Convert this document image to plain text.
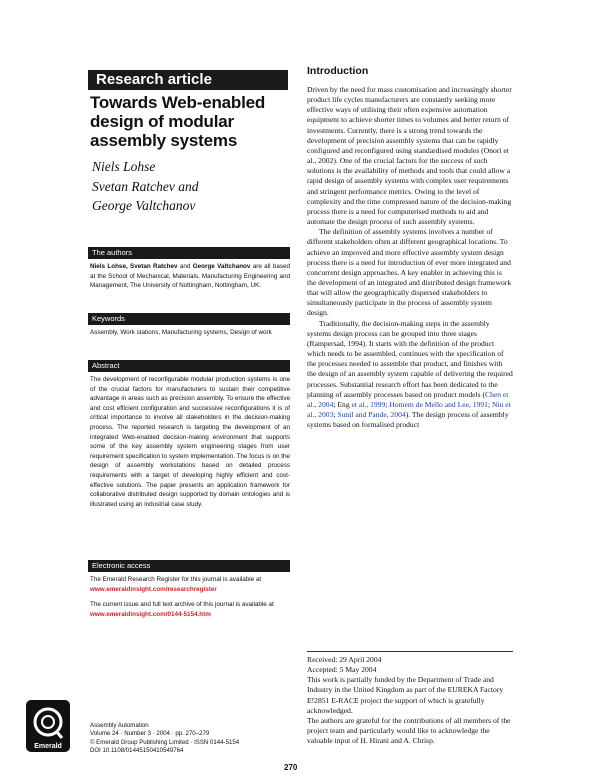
Research article
Towards Web-enabled design of modular assembly systems
Niels Lohse
Svetan Ratchev and
George Valtchanov
The authors

Niels Lohse, Svetan Ratchev and George Valtchanov are all based at the School of Mechanical, Materials, Manufacturing Engineering and Management, The University of Nottingham, Nottingham, UK.

Keywords

Assembly, Work stations, Manufacturing systems, Design of work

Abstract

The development of reconfigurable modular production systems is one of the crucial factors for manufacturers to sustain their competitive advantage in areas such as precision assembly. To ensure the effective and cost efficient configuration and successive reconfigurations it is of critical importance to involve all stakeholders in the decision-making process. The reported research is targeting the development of an integrated Web-enabled decision-making environment that supports some of the key assembly system engineering stages from user requirement specification to system implementation. The focus is on the design of assembly workstations based on detailed process requirements with a target of developing highly efficient and cost-effective solutions. The paper presents an application framework for collaborative distributed design supported by domain ontologies and is illustrated using an industrial case study.

Electronic access

The Emerald Research Register for this journal is available at

www.emeraldinsight.com/researchregister

The current issue and full text archive of this journal is available at

www.emeraldinsight.com/0144-5154.htm

Emerald
Assembly Automation
Volume 24 · Number 3 · 2004 · pp. 270–279
© Emerald Group Publishing Limited · ISSN 0144-5154
DOI 10.1108/01445150410549764
Introduction

Driven by the need for mass customisation and increasingly shorter product life cycles manufacturers are constantly seeking more effective ways of utilising their often expensive automation equipment to achieve shorter times to volumes and better return of investments. Currently, there is a strong trend towards the development of precision assembly systems that can be rapidly configured and reconfigured using standardised modules (Onori et al., 2002). One of the crucial factors for the success of such solutions is the availability of methods and tools that could allow a rapid design of assembly systems with complex user requirements and stringent performance metrics. Owing to the level of complexity and the time compressed nature of the decision-making process there is a need for computerised methods to aid and automate the design process of such assembly systems.

The definition of assembly systems involves a number of different stakeholders often at different geographical locations. To achieve an improved and more effective assembly system design process there is a need for introduction of ever more integrated and concurrent design approaches. A key enabler in achieving this is the development of an integrated and distributed design framework that will allow the geographically dispersed stakeholders to simultaneously participate in the process of assembly system design.

Traditionally, the decision-making steps in the assembly systems design process can be grouped into three stages (Rampersad, 1994). It starts with the definition of the product which needs to be assembled, continues with the specification of the processes needed to assemble that product, and finishes with the design of an assembly system capable of delivering the required processes. Substantial research effort has been dedicated to the planning of assembly processes based on product models (Chen et al., 2004; Eng et al., 1999; Homem de Mello and Lee, 1991; Niu et al., 2003; Sunil and Pande, 2004). The design process of assembly systems based on formalised product

Received: 29 April 2004

Accepted: 5 May 2004

This work is partially funded by the Department of Trade and Industry in the United Kingdom as part of the EUREKA Factory E!2851 E-RACE project the support of which is gratefully acknowledged.

The authors are grateful for the contributions of all members of the project team and particularly would like to acknowledge the valuable input of H. Hirani and A. Chrisp.

270
